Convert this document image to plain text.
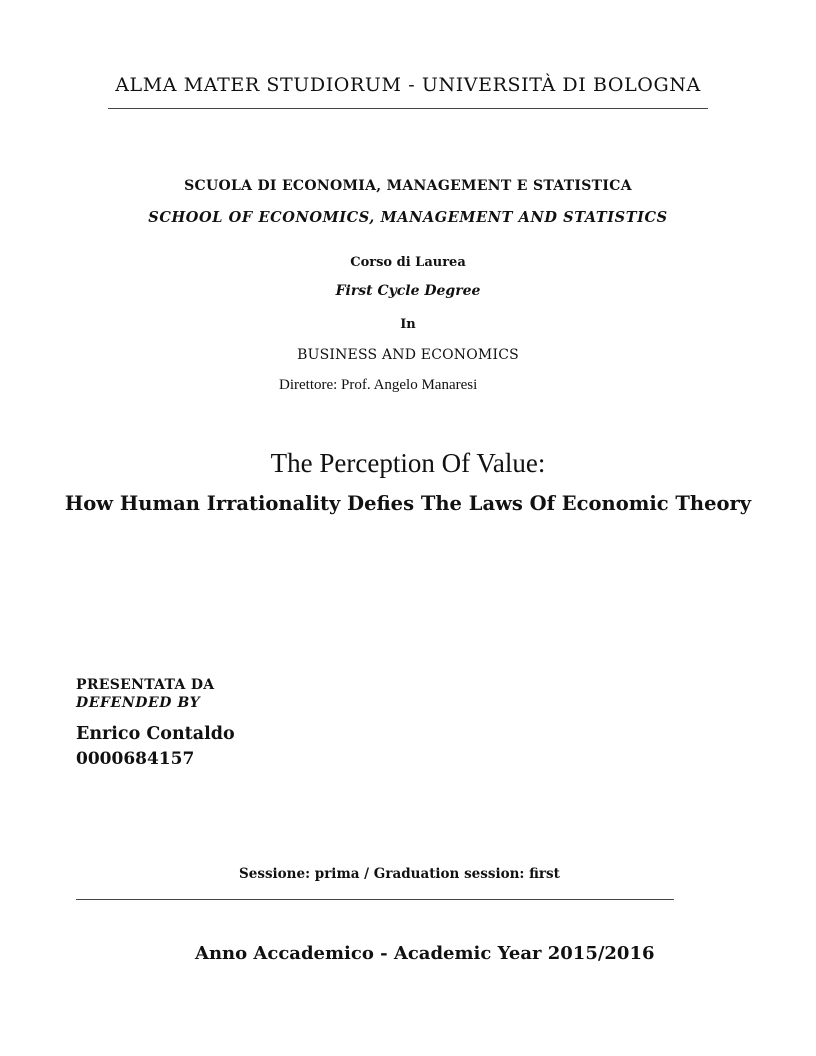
ALMA MATER STUDIORUM - UNIVERSITÀ DI BOLOGNA
SCUOLA DI ECONOMIA, MANAGEMENT E STATISTICA
SCHOOL OF ECONOMICS, MANAGEMENT AND STATISTICS
Corso di Laurea
First Cycle Degree
In
BUSINESS AND ECONOMICS
Direttore: Prof. Angelo Manaresi
The Perception Of Value:
How Human Irrationality Defies The Laws Of Economic Theory
PRESENTATA DA
DEFENDED BY
Enrico Contaldo
0000684157
Sessione: prima / Graduation session: first
Anno Accademico - Academic Year 2015/2016
